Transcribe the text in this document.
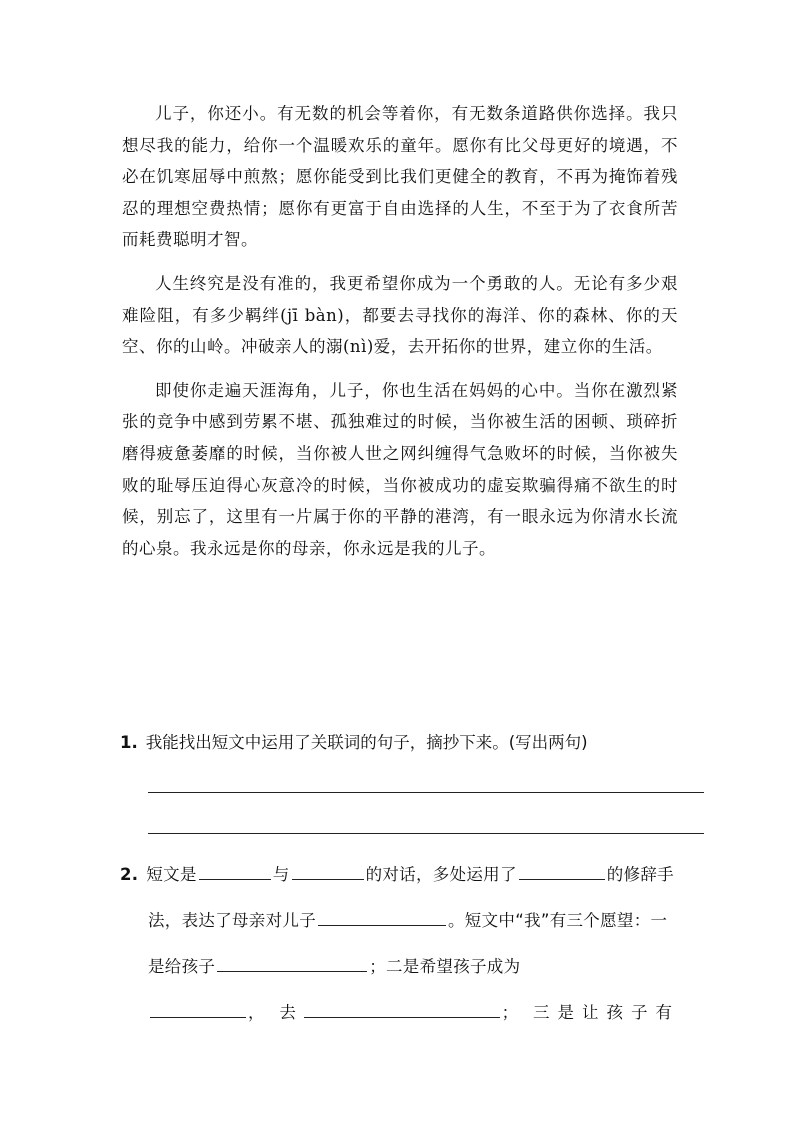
儿子，你还小。有无数的机会等着你，有无数条道路供你选择。我只想尽我的能力，给你一个温暖欢乐的童年。愿你有比父母更好的境遇，不必在饥寒屈辱中煎熬；愿你能受到比我们更健全的教育，不再为掩饰着残忍的理想空费热情；愿你有更富于自由选择的人生，不至于为了衣食所苦而耗费聪明才智。

人生终究是没有准的，我更希望你成为一个勇敢的人。无论有多少艰难险阻，有多少羁绊(jī bàn)，都要去寻找你的海洋、你的森林、你的天空、你的山岭。冲破亲人的溺(nì)爱，去开拓你的世界，建立你的生活。

即使你走遍天涯海角，儿子，你也生活在妈妈的心中。当你在激烈紧张的竞争中感到劳累不堪、孤独难过的时候，当你被生活的困顿、琐碎折磨得疲惫萎靡的时候，当你被人世之网纠缠得气急败坏的时候，当你被失败的耻辱压迫得心灰意冷的时候，当你被成功的虚妄欺骗得痛不欲生的时候，别忘了，这里有一片属于你的平静的港湾，有一眼永远为你清水长流的心泉。我永远是你的母亲，你永远是我的儿子。

1. 我能找出短文中运用了关联词的句子，摘抄下来。(写出两句)
2. 短文是	与	的对话，多处运用了	的修辞手法，表达了母亲对儿子	。短文中“我”有三个愿望：一是给孩子	；二是希望孩子成为
， 去	； 三是让孩子有
